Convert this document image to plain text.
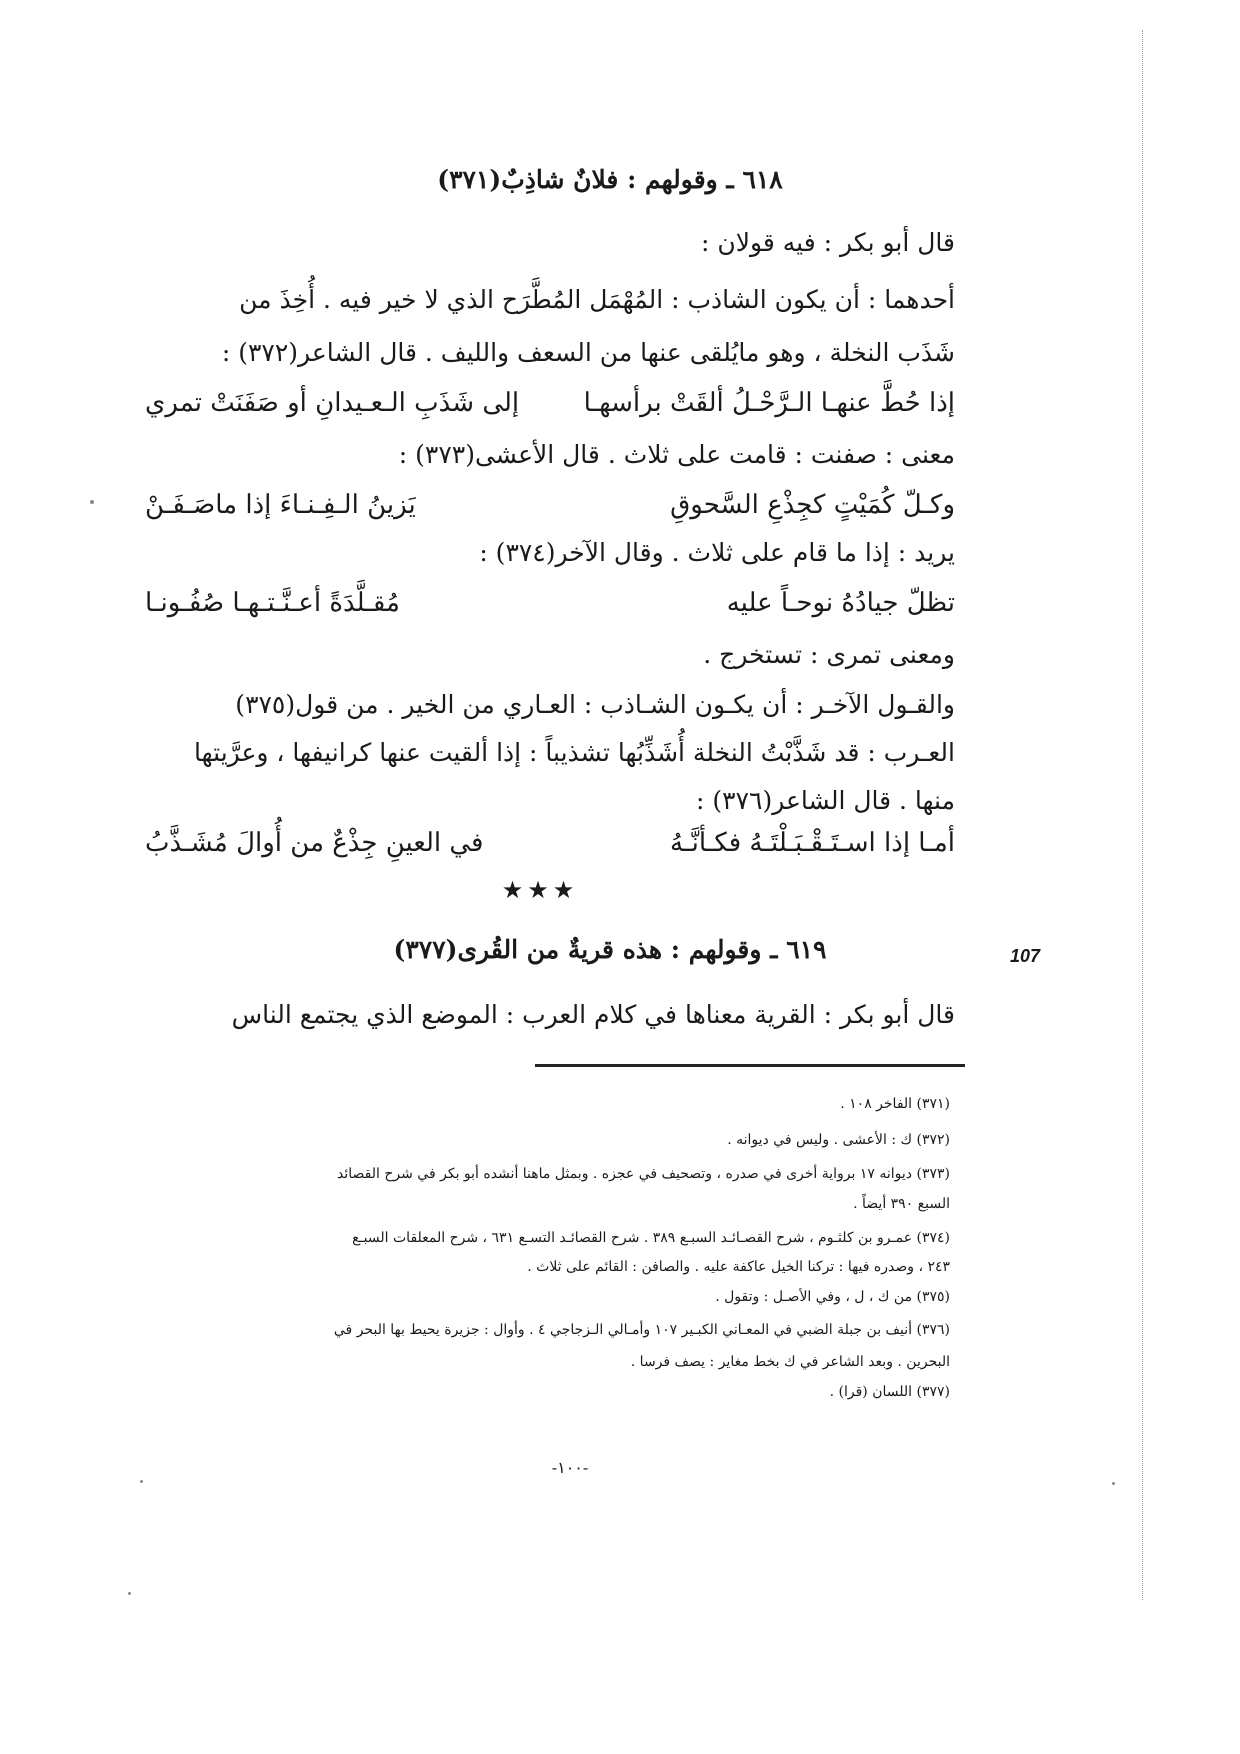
٦١٨ ـ وقولهم : فلانٌ شاذِبٌ(٣٧١)
قال أبو بكر : فيه قولان :
أحدهما : أن يكون الشاذب : المُهْمَل المُطَّرَح الذي لا خير فيه . أُخِذَ من
شَذَب النخلة ، وهو مايُلقى عنها من السعف والليف . قال الشاعر(٣٧٢) :
إذا حُطَّ عنهـا الـرَّحْـلُ ألقَتْ برأسهـا
إلى شَذَبِ الـعـيدانِ أو صَفَنَتْ تمري
معنى : صفنت : قامت على ثلاث . قال الأعشى(٣٧٣) :
وكـلّ كُمَيْتٍ كجِذْعِ السَّحوقِ
يَزينُ الـفِـنـاءَ إذا ماصَـفَـنْ
يريد : إذا ما قام على ثلاث . وقال الآخر(٣٧٤) :
تظلّ جيادُهُ نوحـاً عليه
مُقـلَّدَةً أعـنَّـتـهـا صُفُـونـا
ومعنى تمرى : تستخرج .
والقـول الآخـر : أن يكـون الشـاذب : العـاري من الخير . من قول(٣٧٥)
العـرب : قد شَذَّبْتُ النخلة أُشَذِّبُها تشذيباً : إذا ألقيت عنها كرانيفها ، وعرَّيتها
منها . قال الشاعر(٣٧٦) :
أمـا إذا اسـتَـقْـبَـلْتَـهُ فكـأنَّـهُ
في العينِ جِذْعٌ من أُوالَ مُشَـذَّبُ
★★★
٦١٩ ـ وقولهم : هذه قريةٌ من القُرى(٣٧٧)	107
قال أبو بكر : القرية معناها في كلام العرب : الموضع الذي يجتمع الناس
(٣٧١) الفاخر ١٠٨ .
(٣٧٢) ك : الأعشى . وليس في ديوانه .
(٣٧٣) ديوانه ١٧ برواية أخرى في صدره ، وتصحيف في عجزه . وبمثل ماهنا أنشده أبو بكر في شرح القصائد
السبع ٣٩٠ أيضاً .
(٣٧٤) عمـرو بن كلثـوم ، شرح القصـائـد السبـع ٣٨٩ . شرح القصائـد التسـع ٦٣١ ، شرح المعلقات السبـع
٢٤٣ ، وصدره فيها : تركنا الخيل عاكفة عليه . والصافن : القائم على ثلاث .
(٣٧٥) من ك ، ل ، وفي الأصـل : وتقول .
(٣٧٦) أنيف بن جبلة الضبي في المعـاني الكبـير ١٠٧ وأمـالي الـزجاجي ٤ . وأوال : جزيرة يحيط بها البحر في
البحرين . وبعد الشاعر في ك بخط مغاير : يصف فرسا .
(٣٧٧) اللسان (قرا) .
-١٠٠-
